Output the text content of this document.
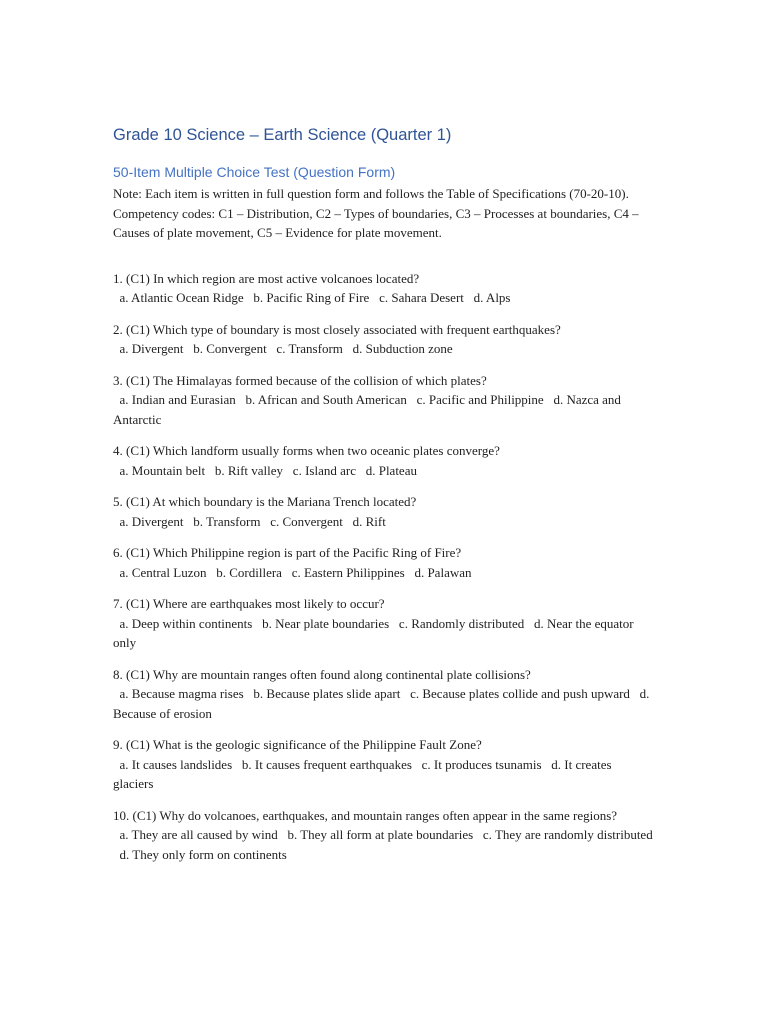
Grade 10 Science – Earth Science (Quarter 1)
50-Item Multiple Choice Test (Question Form)

Note: Each item is written in full question form and follows the Table of Specifications (70-20-10). Competency codes: C1 – Distribution, C2 – Types of boundaries, C3 – Processes at boundaries, C4 – Causes of plate movement, C5 – Evidence for plate movement.

1. (C1) In which region are most active volcanoes located?
a. Atlantic Ocean Ridge   b. Pacific Ring of Fire   c. Sahara Desert   d. Alps
2. (C1) Which type of boundary is most closely associated with frequent earthquakes?
a. Divergent   b. Convergent   c. Transform   d. Subduction zone
3. (C1) The Himalayas formed because of the collision of which plates?
a. Indian and Eurasian   b. African and South American   c. Pacific and Philippine   d. Nazca and Antarctic
4. (C1) Which landform usually forms when two oceanic plates converge?
a. Mountain belt   b. Rift valley   c. Island arc   d. Plateau
5. (C1) At which boundary is the Mariana Trench located?
a. Divergent   b. Transform   c. Convergent   d. Rift
6. (C1) Which Philippine region is part of the Pacific Ring of Fire?
a. Central Luzon   b. Cordillera   c. Eastern Philippines   d. Palawan
7. (C1) Where are earthquakes most likely to occur?
a. Deep within continents   b. Near plate boundaries   c. Randomly distributed   d. Near the equator only
8. (C1) Why are mountain ranges often found along continental plate collisions?
a. Because magma rises   b. Because plates slide apart   c. Because plates collide and push upward   d. Because of erosion
9. (C1) What is the geologic significance of the Philippine Fault Zone?
a. It causes landslides   b. It causes frequent earthquakes   c. It produces tsunamis   d. It creates glaciers
10. (C1) Why do volcanoes, earthquakes, and mountain ranges often appear in the same regions?
a. They are all caused by wind   b. They all form at plate boundaries   c. They are randomly distributed   d. They only form on continents
